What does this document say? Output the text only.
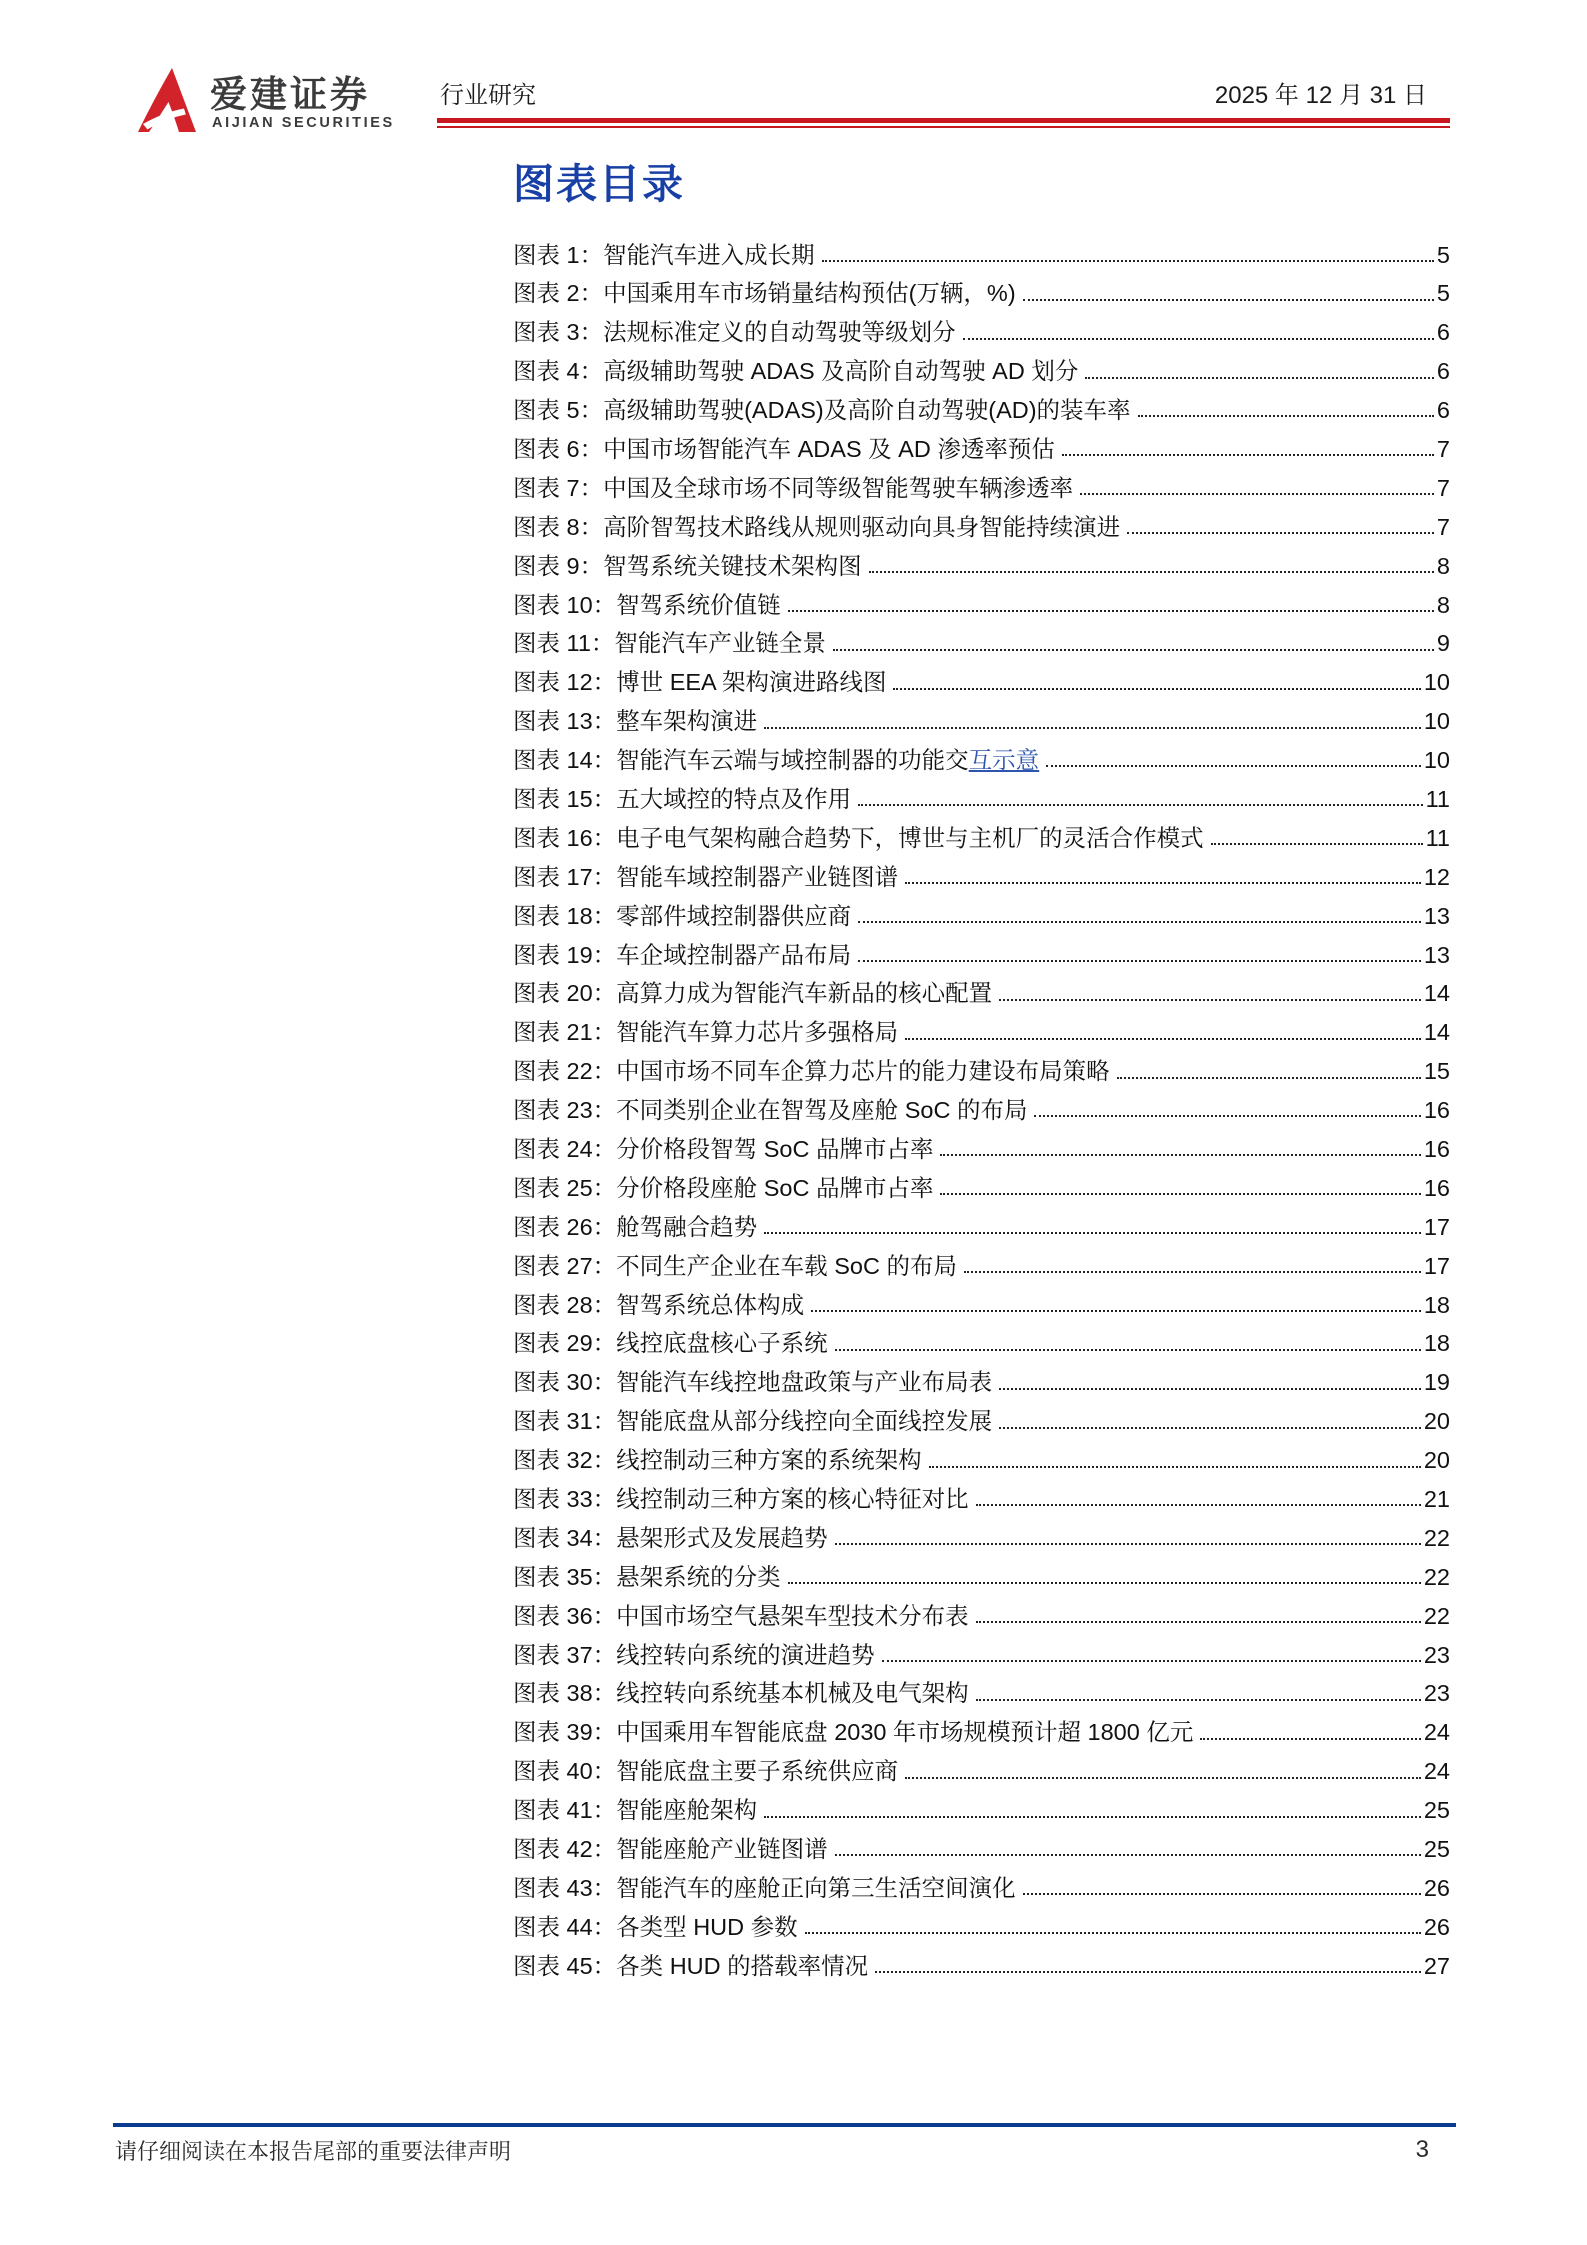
爱建证券
AIJIAN SECURITIES
行业研究	2025 年 12 月 31 日
图表目录
图表 1：智能汽车进入成长期	5
图表 2：中国乘用车市场销量结构预估(万辆，%)	5
图表 3：法规标准定义的自动驾驶等级划分	6
图表 4：高级辅助驾驶 ADAS 及高阶自动驾驶 AD 划分	6
图表 5：高级辅助驾驶(ADAS)及高阶自动驾驶(AD)的装车率	6
图表 6：中国市场智能汽车 ADAS 及 AD 渗透率预估	7
图表 7：中国及全球市场不同等级智能驾驶车辆渗透率	7
图表 8：高阶智驾技术路线从规则驱动向具身智能持续演进	7
图表 9：智驾系统关键技术架构图	8
图表 10：智驾系统价值链	8
图表 11：智能汽车产业链全景	9
图表 12：博世 EEA 架构演进路线图	10
图表 13：整车架构演进	10
图表 14：智能汽车云端与域控制器的功能交互示意	10
图表 15：五大域控的特点及作用	11
图表 16：电子电气架构融合趋势下，博世与主机厂的灵活合作模式	11
图表 17：智能车域控制器产业链图谱	12
图表 18：零部件域控制器供应商	13
图表 19：车企域控制器产品布局	13
图表 20：高算力成为智能汽车新品的核心配置	14
图表 21：智能汽车算力芯片多强格局	14
图表 22：中国市场不同车企算力芯片的能力建设布局策略	15
图表 23：不同类别企业在智驾及座舱 SoC 的布局	16
图表 24：分价格段智驾 SoC 品牌市占率	16
图表 25：分价格段座舱 SoC 品牌市占率	16
图表 26：舱驾融合趋势	17
图表 27：不同生产企业在车载 SoC 的布局	17
图表 28：智驾系统总体构成	18
图表 29：线控底盘核心子系统	18
图表 30：智能汽车线控地盘政策与产业布局表	19
图表 31：智能底盘从部分线控向全面线控发展	20
图表 32：线控制动三种方案的系统架构	20
图表 33：线控制动三种方案的核心特征对比	21
图表 34：悬架形式及发展趋势	22
图表 35：悬架系统的分类	22
图表 36：中国市场空气悬架车型技术分布表	22
图表 37：线控转向系统的演进趋势	23
图表 38：线控转向系统基本机械及电气架构	23
图表 39：中国乘用车智能底盘 2030 年市场规模预计超 1800 亿元	24
图表 40：智能底盘主要子系统供应商	24
图表 41：智能座舱架构	25
图表 42：智能座舱产业链图谱	25
图表 43：智能汽车的座舱正向第三生活空间演化	26
图表 44：各类型 HUD 参数	26
图表 45：各类 HUD 的搭载率情况	27
请仔细阅读在本报告尾部的重要法律声明	3
